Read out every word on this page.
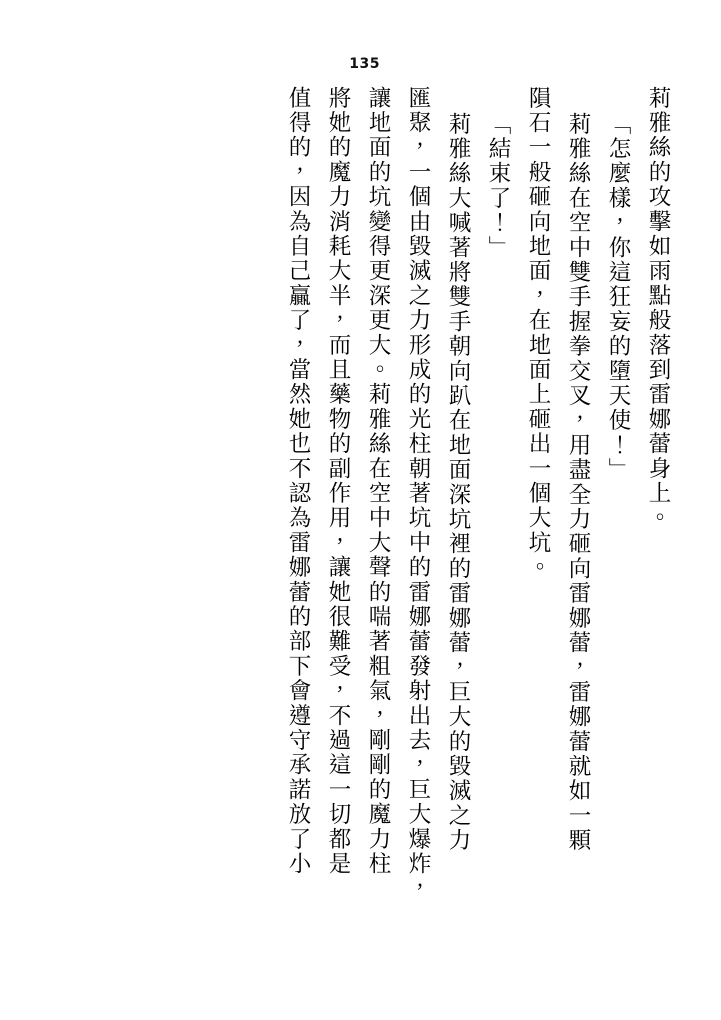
135
莉雅絲的攻擊如雨點般落到雷娜蕾身上。
「怎麼樣，你這狂妄的墮天使！」
莉雅絲在空中雙手握拳交叉，用盡全力砸向雷娜蕾，雷娜蕾就如一顆
隕石一般砸向地面，在地面上砸出一個大坑。
「結束了！」
莉雅絲大喊著將雙手朝向趴在地面深坑裡的雷娜蕾，巨大的毀滅之力
匯聚，一個由毀滅之力形成的光柱朝著坑中的雷娜蕾發射出去，巨大爆炸，
讓地面的坑變得更深更大。莉雅絲在空中大聲的喘著粗氣，剛剛的魔力柱
將她的魔力消耗大半，而且藥物的副作用，讓她很難受，不過這一切都是
值得的，因為自己贏了，當然她也不認為雷娜蕾的部下會遵守承諾放了小
